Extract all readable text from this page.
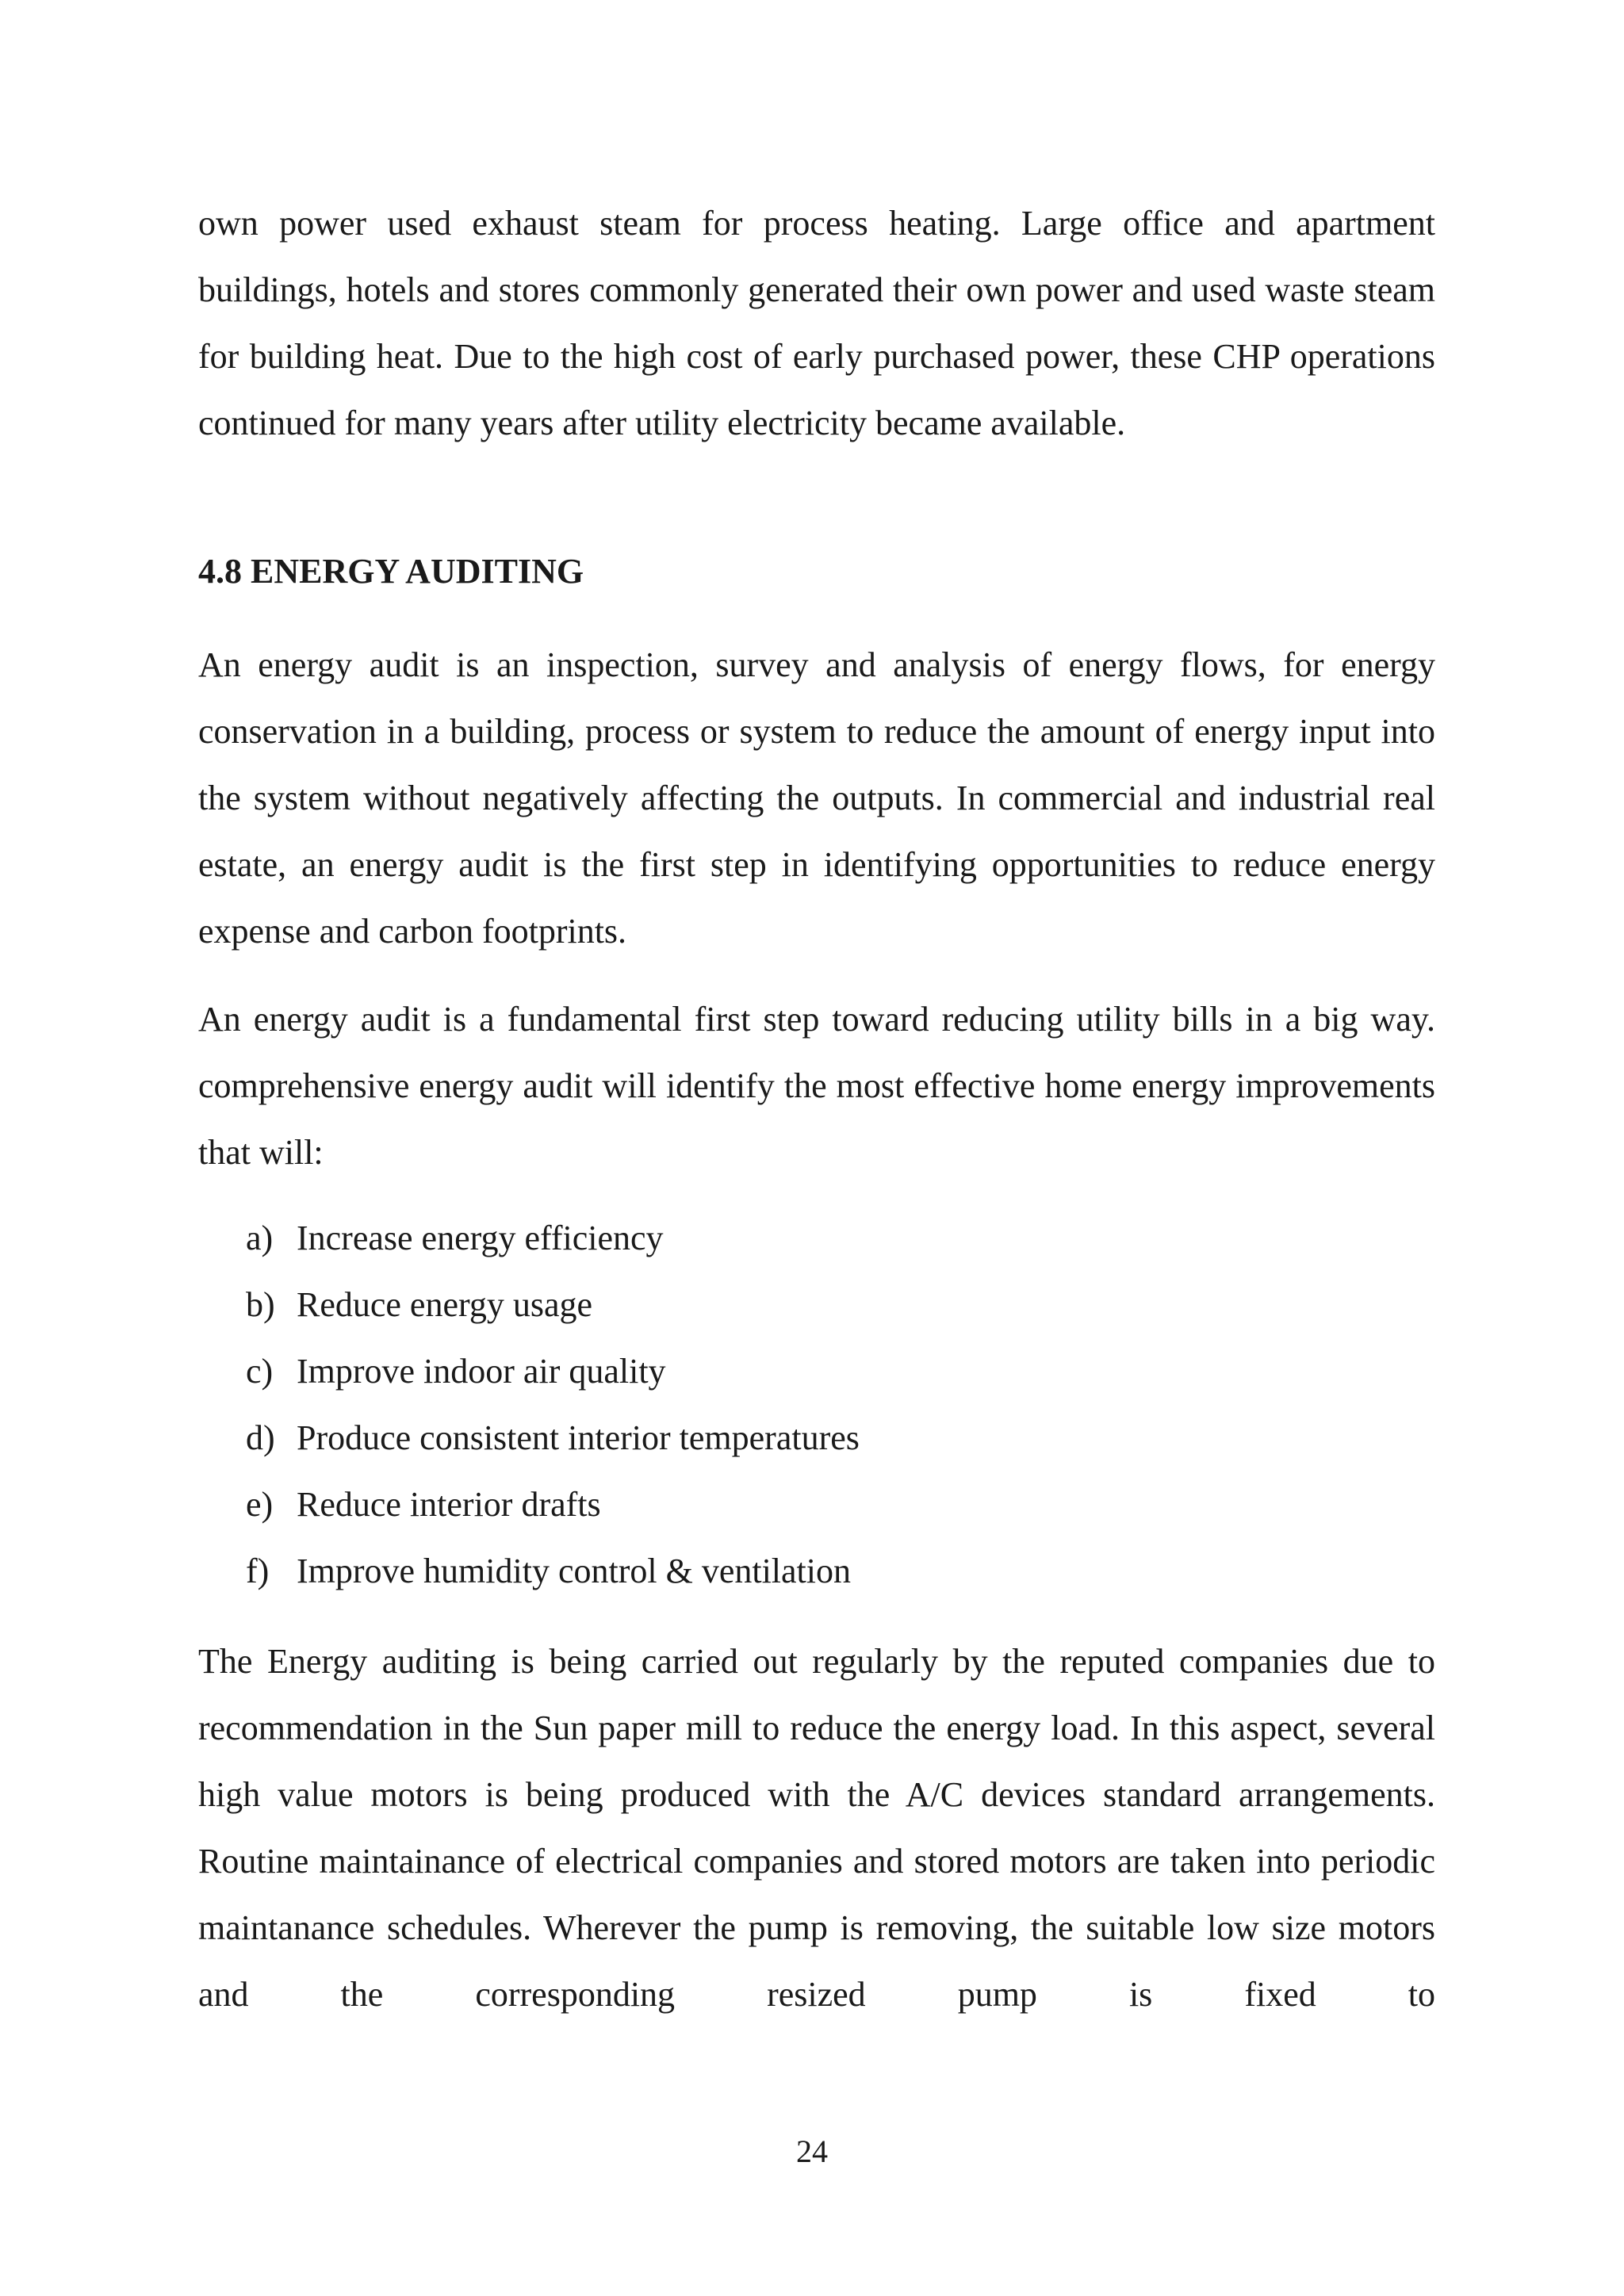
own power used exhaust steam for process heating. Large office and apartment buildings, hotels and stores commonly generated their own power and used waste steam for building heat. Due to the high cost of early purchased power, these CHP operations continued for many years after utility electricity became available.

4.8 ENERGY AUDITING

An energy audit is an inspection, survey and analysis of energy flows, for energy conservation in a building, process or system to reduce the amount of energy input into the system without negatively affecting the outputs. In commercial and industrial real estate, an energy audit is the first step in identifying opportunities to reduce energy expense and carbon footprints.

An energy audit is a fundamental first step toward reducing utility bills in a big way. comprehensive energy audit will identify the most effective home energy improvements that will:

a) Increase energy efficiency
b) Reduce energy usage
c) Improve indoor air quality
d) Produce consistent interior temperatures
e) Reduce interior drafts
f) Improve humidity control & ventilation

The Energy auditing is being carried out regularly by the reputed companies due to recommendation in the Sun paper mill to reduce the energy load. In this aspect, several high value motors is being produced with the A/C devices standard arrangements. Routine maintainance of electrical companies and stored motors are taken into periodic maintanance schedules. Wherever the pump is removing, the suitable low size motors and the corresponding resized pump is fixed to

24
